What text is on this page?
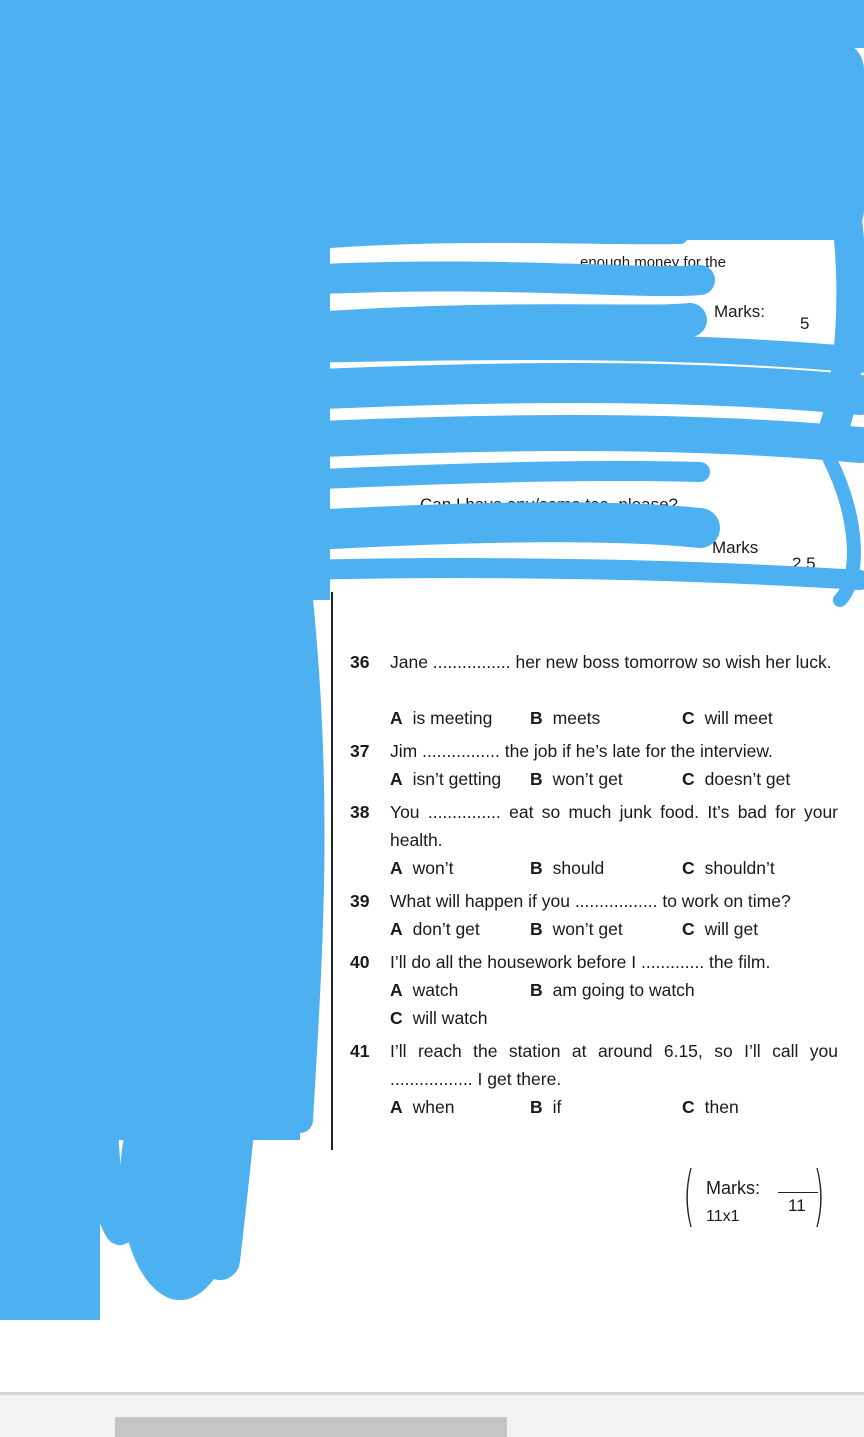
enough money for the
Marks:
5
Can I have any/some tea, please?
Marks
0.5
2.5
36 Jane ................ her new boss tomorrow so wish her luck.
A is meeting B meets	C will meet
37 Jim ................ the job if he’s late for the interview.
A isn’t getting B won’t get	C doesn’t get
38 You ............... eat so much junk food. It’s bad for your health.
A won’t	B should	C shouldn’t
39 What will happen if you ................. to work on time?
A don’t get	B won’t get	C will get
40 I’ll do all the housework before I ............. the film.
A watch	B am going to watch
C will watch
41 I’ll reach the station at around 6.15, so I’ll call you ................. I get there.
A when	B if	C then
( Marks:
11x1
11 )
